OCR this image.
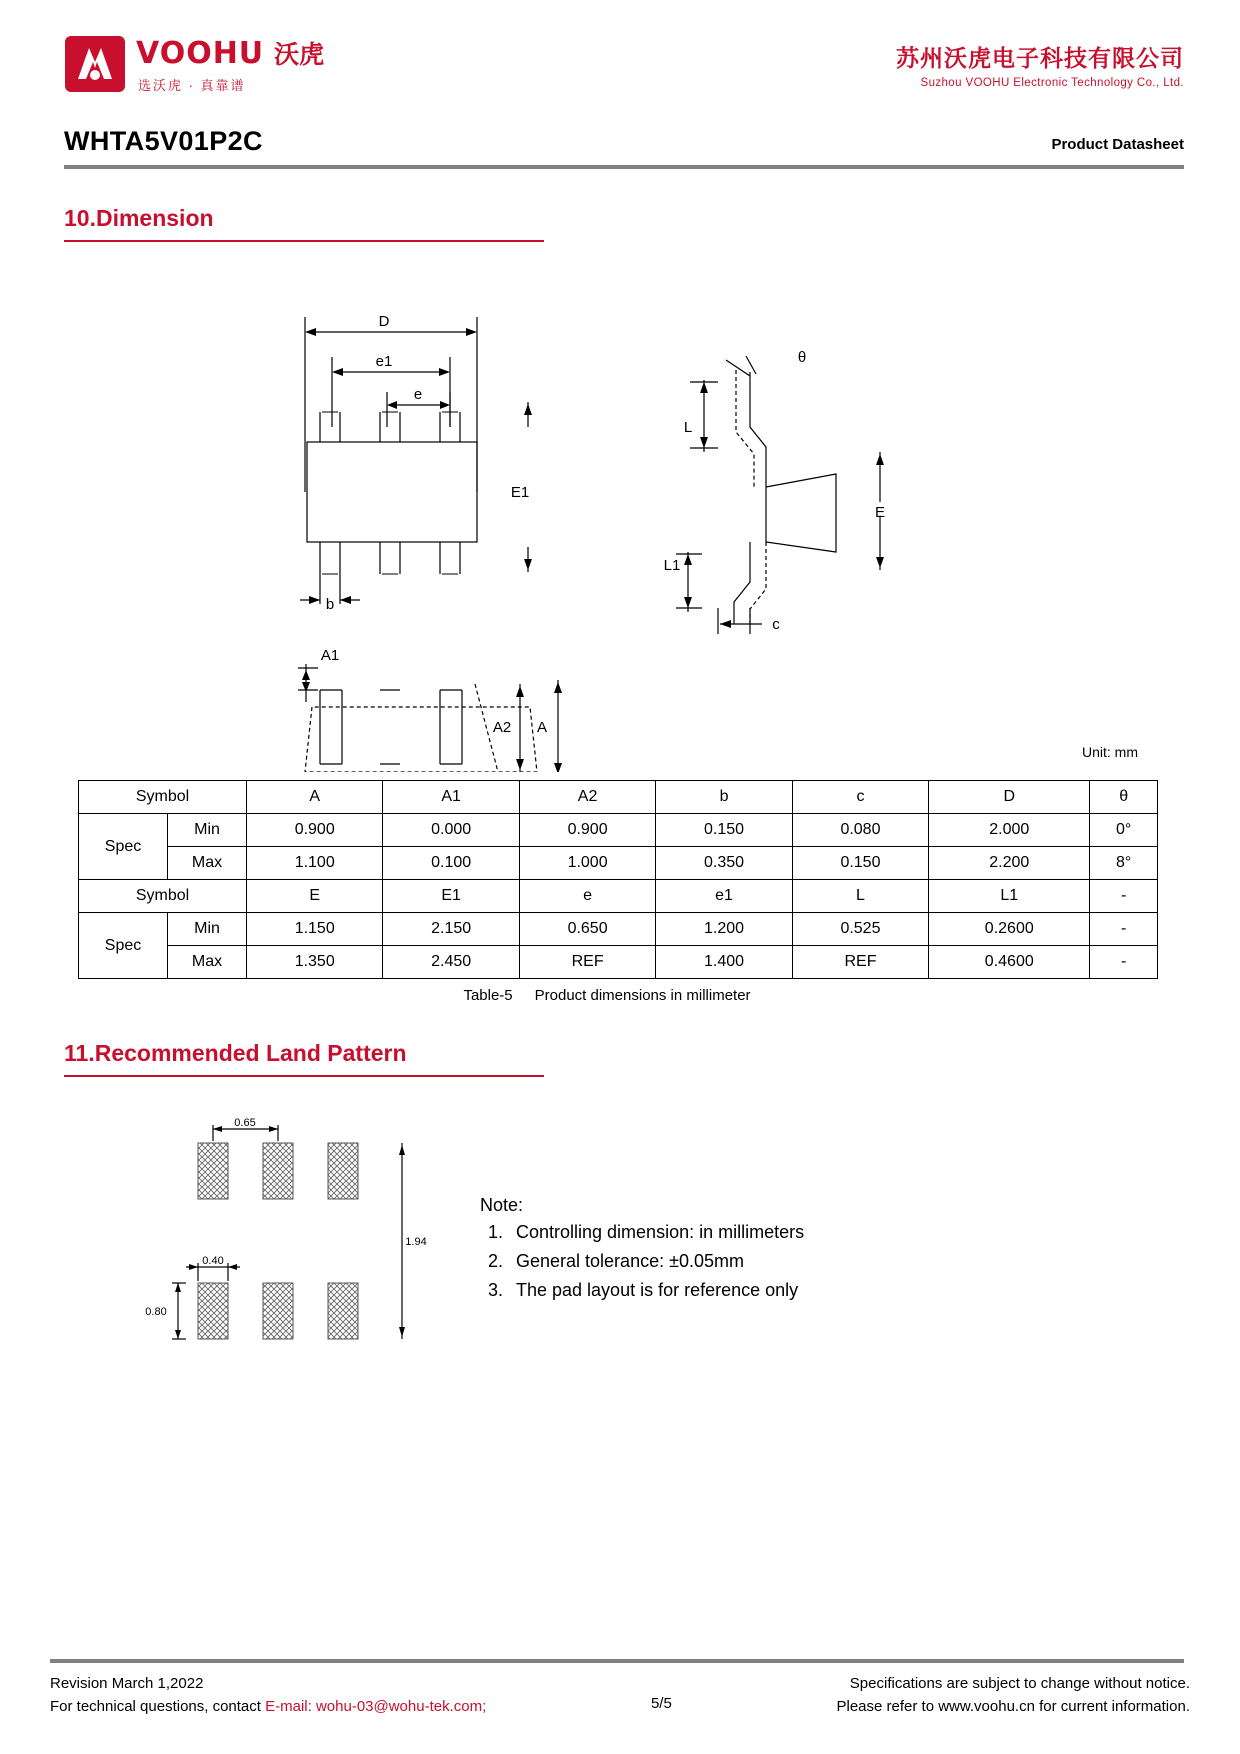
VOOHU 沃虎
选沃虎 · 真靠谱
苏州沃虎电子科技有限公司
Suzhou VOOHU Electronic Technology Co., Ltd.
WHTA5V01P2C	Product Datasheet
10.Dimension
D
e1
e
E1
b
θ
L
L1
c
E
A1
A2 A
Unit: mm
Symbol		A	A1	A2	b	c	D	θ
Spec	Min	0.900	0.000	0.900	0.150	0.080	2.000	0°
	Max	1.100	0.100	1.000	0.350	0.150	2.200	8°
Symbol		E	E1	e	e1	L	L1	-
Spec	Min	1.150	2.150	0.650	1.200	0.525	0.2600	-
	Max	1.350	2.450	REF	1.400	REF	0.4600	-
Table-5 Product dimensions in millimeter
11.Recommended Land Pattern
0.65
0.40
0.80
1.94
Note:
1. Controlling dimension: in millimeters
2. General tolerance: ±0.05mm
3. The pad layout is for reference only
Revision March 1,2022
For technical questions, contact E-mail: wohu-03@wohu-tek.com;	5/5
Specifications are subject to change without notice.
Please refer to www.voohu.cn for current information.
